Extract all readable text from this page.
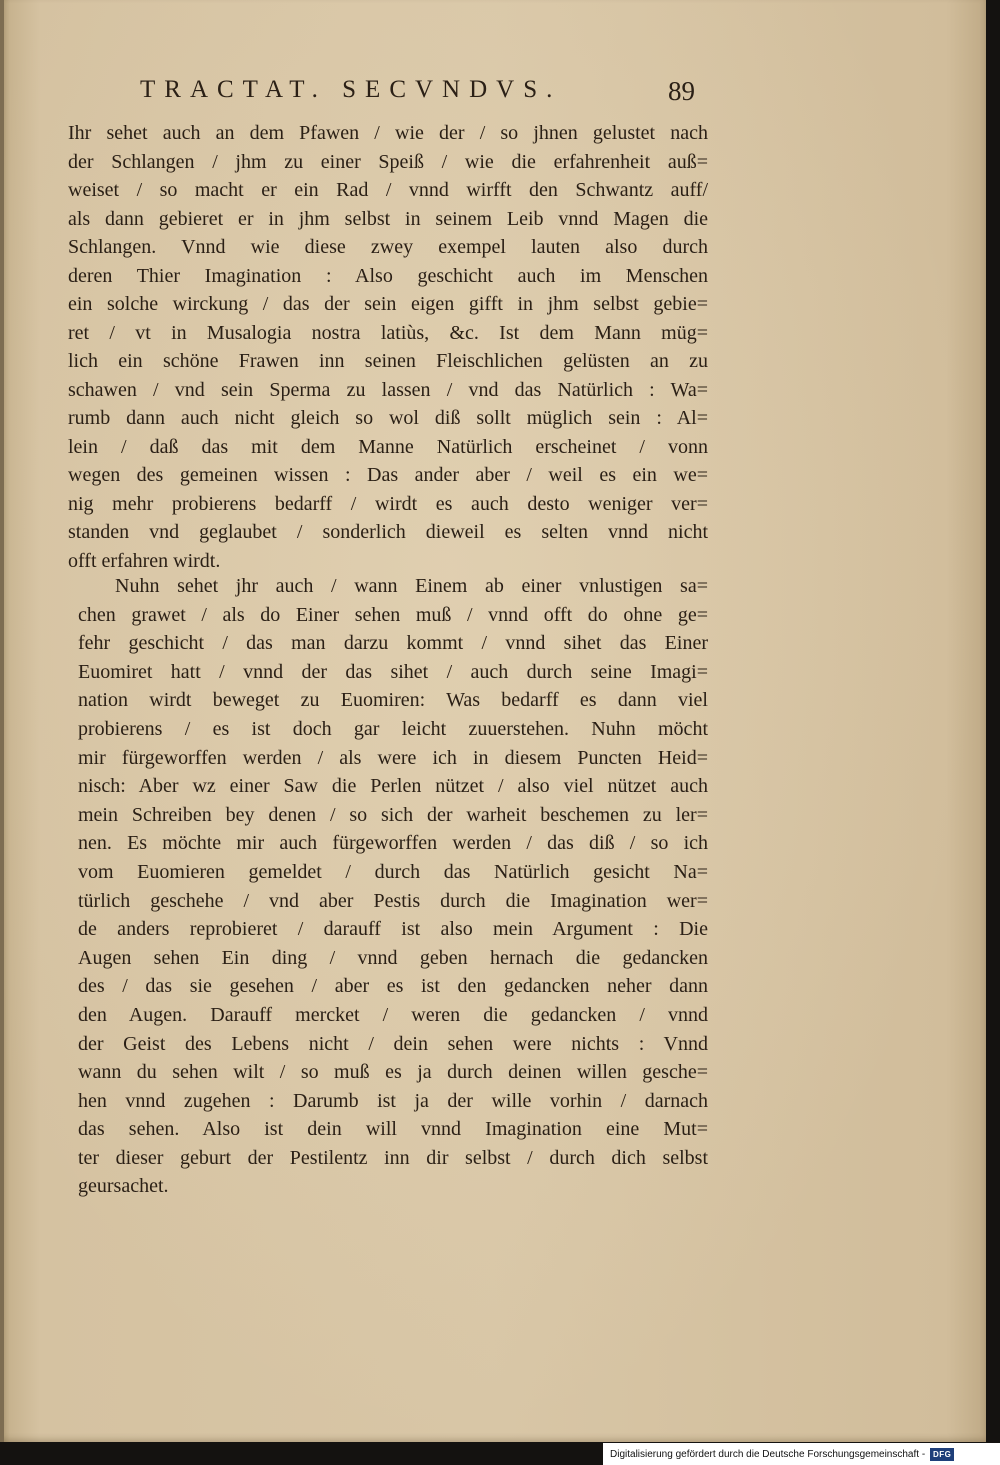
TRACTAT. SECVNDVS.	89
Ihr sehet auch an dem Pfawen / wie der / so jhnen gelustet nach
der Schlangen / jhm zu einer Speiß / wie die erfahrenheit auß=
weiset / so macht er ein Rad / vnnd wirfft den Schwantz auff/
als dann gebieret er in jhm selbst in seinem Leib vnnd Magen die
Schlangen. Vnnd wie diese zwey exempel lauten also durch
deren Thier Imagination : Also geschicht auch im Menschen
ein solche wirckung / das der sein eigen gifft in jhm selbst gebie=
ret / vt in Musalogia nostra latiùs, &c. Ist dem Mann müg=
lich ein schöne Frawen inn seinen Fleischlichen gelüsten an zu
schawen / vnd sein Sperma zu lassen / vnd das Natürlich : Wa=
rumb dann auch nicht gleich so wol diß sollt müglich sein : Al=
lein / daß das mit dem Manne Natürlich erscheinet / vonn
wegen des gemeinen wissen : Das ander aber / weil es ein we=
nig mehr probierens bedarff / wirdt es auch desto weniger ver=
standen vnd geglaubet / sonderlich dieweil es selten vnnd nicht
offt erfahren wirdt.
Nuhn sehet jhr auch / wann Einem ab einer vnlustigen sa=
chen grawet / als do Einer sehen muß / vnnd offt do ohne ge=
fehr geschicht / das man darzu kommt / vnnd sihet das Einer
Euomiret hatt / vnnd der das sihet / auch durch seine Imagi=
nation wirdt beweget zu Euomiren: Was bedarff es dann viel
probierens / es ist doch gar leicht zuuerstehen. Nuhn möcht
mir fürgeworffen werden / als were ich in diesem Puncten Heid=
nisch: Aber wz einer Saw die Perlen nützet / also viel nützet auch
mein Schreiben bey denen / so sich der warheit beschemen zu ler=
nen. Es möchte mir auch fürgeworffen werden / das diß / so ich
vom Euomieren gemeldet / durch das Natürlich gesicht Na=
türlich geschehe / vnd aber Pestis durch die Imagination wer=
de anders reprobieret / darauff ist also mein Argument : Die
Augen sehen Ein ding / vnnd geben hernach die gedancken
des / das sie gesehen / aber es ist den gedancken neher dann
den Augen. Darauff mercket / weren die gedancken / vnnd
der Geist des Lebens nicht / dein sehen were nichts : Vnnd
wann du sehen wilt / so muß es ja durch deinen willen gesche=
hen vnnd zugehen : Darumb ist ja der wille vorhin / darnach
das sehen. Also ist dein will vnnd Imagination eine Mut=
ter dieser geburt der Pestilentz inn dir selbst / durch dich selbst
geursachet.
Digitalisierung gefördert durch die Deutsche Forschungsgemeinschaft - DFG
